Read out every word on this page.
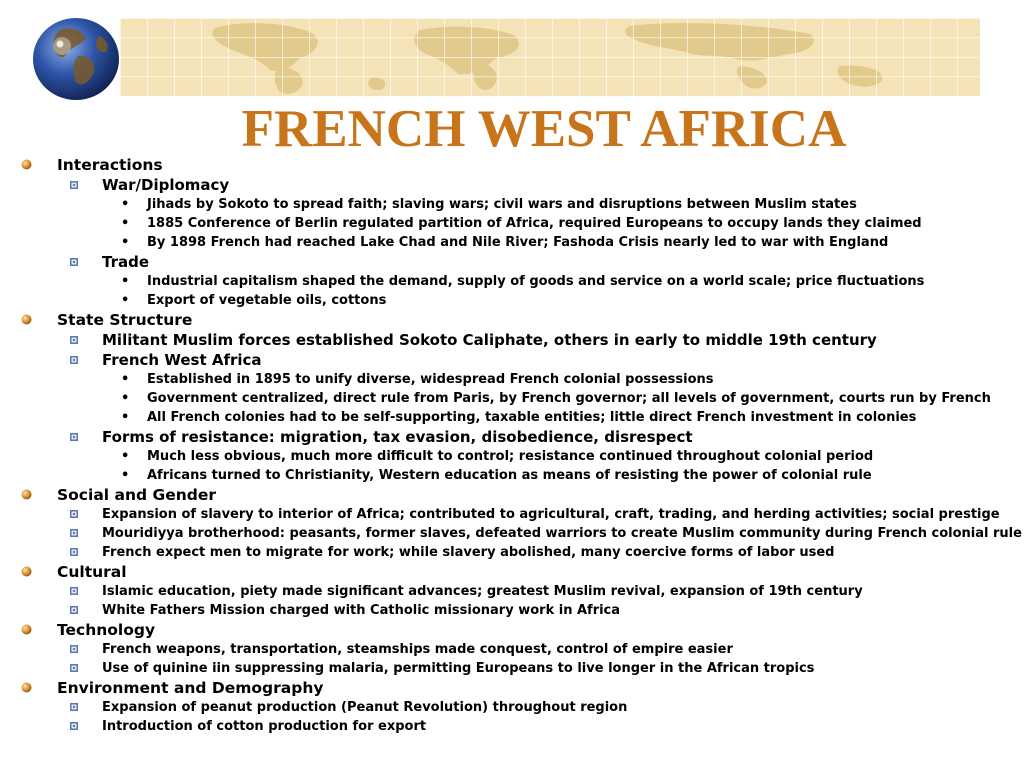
FRENCH WEST AFRICA
Interactions
War/Diplomacy
• Jihads by Sokoto to spread faith; slaving wars; civil wars and disruptions between Muslim states
• 1885 Conference of Berlin regulated partition of Africa, required Europeans to occupy lands they claimed
• By 1898 French had reached Lake Chad and Nile River; Fashoda Crisis nearly led to war with England
Trade
• Industrial capitalism shaped the demand, supply of goods and service on a world scale; price fluctuations
• Export of vegetable oils, cottons
State Structure
Militant Muslim forces established Sokoto Caliphate, others in early to middle 19th century
French West Africa
• Established in 1895 to unify diverse, widespread French colonial possessions
• Government centralized, direct rule from Paris, by French governor; all levels of government, courts run by French
• All French colonies had to be self-supporting, taxable entities; little direct French investment in colonies
Forms of resistance: migration, tax evasion, disobedience, disrespect
• Much less obvious, much more difficult to control; resistance continued throughout colonial period
• Africans turned to Christianity, Western education as means of resisting the power of colonial rule
Social and Gender
Expansion of slavery to interior of Africa; contributed to agricultural, craft, trading, and herding activities; social prestige
Mouridiyya brotherhood: peasants, former slaves, defeated warriors to create Muslim community during French colonial rule
French expect men to migrate for work; while slavery abolished, many coercive forms of labor used
Cultural
Islamic education, piety made significant advances; greatest Muslim revival, expansion of 19th century
White Fathers Mission charged with Catholic missionary work in Africa
Technology
French weapons, transportation, steamships made conquest, control of empire easier
Use of quinine iin suppressing malaria, permitting Europeans to live longer in the African tropics
Environment and Demography
Expansion of peanut production (Peanut Revolution) throughout region
Introduction of cotton production for export
